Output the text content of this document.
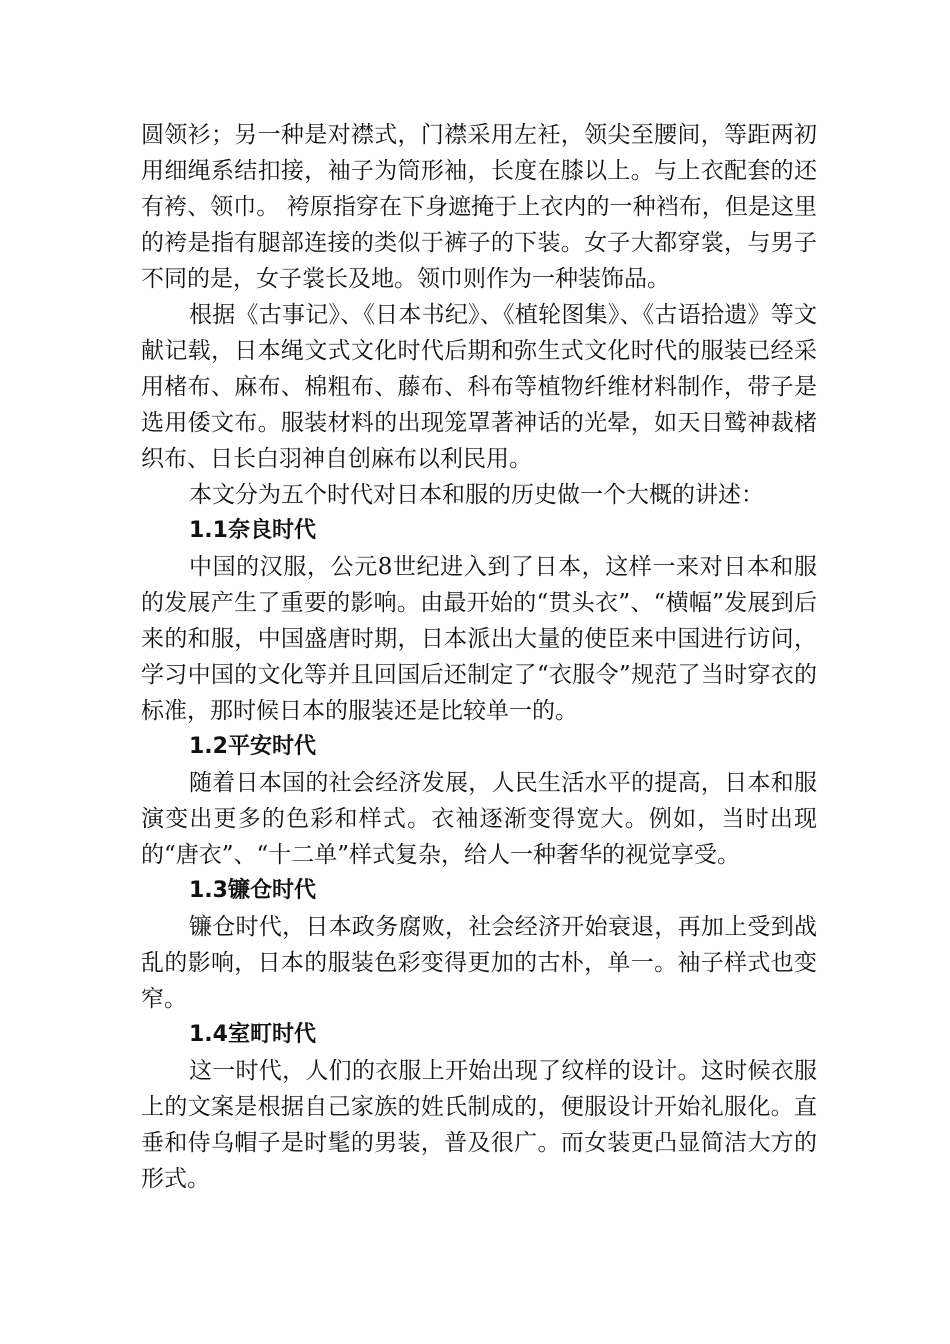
圆领衫；另一种是对襟式，门襟采用左衽，领尖至腰间，等距两初用细绳系结扣接，袖子为筒形袖，长度在膝以上。与上衣配套的还有袴、领巾。 袴原指穿在下身遮掩于上衣内的一种裆布，但是这里的袴是指有腿部连接的类似于裤子的下装。女子大都穿裳，与男子不同的是，女子裳长及地。领巾则作为一种装饰品。

根据《古事记》、《日本书纪》、《植轮图集》、《古语拾遗》等文献记载，日本绳文式文化时代后期和弥生式文化时代的服装已经采用楮布、麻布、棉粗布、藤布、科布等植物纤维材料制作，带子是选用倭文布。服装材料的出现笼罩著神话的光晕，如天日鹫神裁楮织布、日长白羽神自创麻布以利民用。

本文分为五个时代对日本和服的历史做一个大概的讲述：

1.1奈良时代

中国的汉服，公元8世纪进入到了日本，这样一来对日本和服的发展产生了重要的影响。由最开始的“贯头衣”、“横幅”发展到后来的和服，中国盛唐时期，日本派出大量的使臣来中国进行访问，学习中国的文化等并且回国后还制定了“衣服令”规范了当时穿衣的标准，那时候日本的服装还是比较单一的。

1.2平安时代

随着日本国的社会经济发展，人民生活水平的提高，日本和服演变出更多的色彩和样式。衣袖逐渐变得宽大。例如，当时出现的“唐衣”、“十二单”样式复杂，给人一种奢华的视觉享受。

1.3镰仓时代

镰仓时代，日本政务腐败，社会经济开始衰退，再加上受到战乱的影响，日本的服装色彩变得更加的古朴，单一。袖子样式也变窄。

1.4室町时代

这一时代，人们的衣服上开始出现了纹样的设计。这时候衣服上的文案是根据自己家族的姓氏制成的，便服设计开始礼服化。直垂和侍乌帽子是时髦的男装，普及很广。而女装更凸显简洁大方的形式。
